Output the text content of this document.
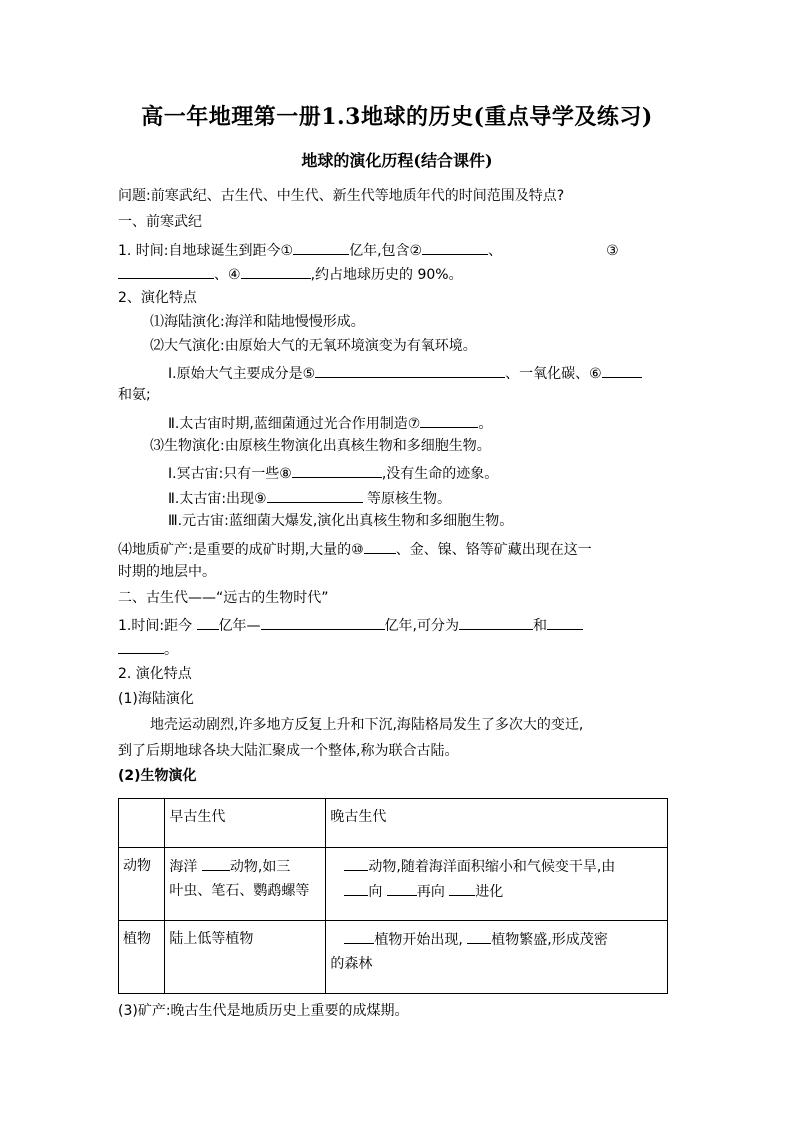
高一年地理第一册1.3地球的历史(重点导学及练习)
地球的演化历程(结合课件)
问题:前寒武纪、古生代、中生代、新生代等地质年代的时间范围及特点?
一、前寒武纪
1. 时间:自地球诞生到距今①	亿年,包含②	、	③
、④	,约占地球历史的 90%。
2、演化特点
⑴海陆演化:海洋和陆地慢慢形成。
⑵大气演化:由原始大气的无氧环境演变为有氧环境。
Ⅰ.原始大气主要成分是⑤	、一氧化碳、⑥
和氨;
Ⅱ.太古宙时期,蓝细菌通过光合作用制造⑦	。
⑶生物演化:由原核生物演化出真核生物和多细胞生物。
Ⅰ.冥古宙:只有一些⑧	,没有生命的迹象。
Ⅱ.太古宙:出现⑨	等原核生物。
Ⅲ.元古宙:蓝细菌大爆发,演化出真核生物和多细胞生物。
⑷地质矿产:是重要的成矿时期,大量的⑩ 、金、镍、铬等矿藏出现在这一
时期的地层中。
二、古生代——“远古的生物时代”
1.时间:距今 亿年—	亿年,可分为	和
。
2. 演化特点
(1)海陆演化
地壳运动剧烈,许多地方反复上升和下沉,海陆格局发生了多次大的变迁,
到了后期地球各块大陆汇聚成一个整体,称为联合古陆。
(2)生物演化
	早古生代	晚古生代
动物	海洋 动物,如三
叶虫、笔石、鹦鹉螺等	动物,随着海洋面积缩小和气候变干旱,由
向 再向 进化
植物	陆上低等植物	植物开始出现, 植物繁盛,形成茂密
的森林
(3)矿产:晚古生代是地质历史上重要的成煤期。
